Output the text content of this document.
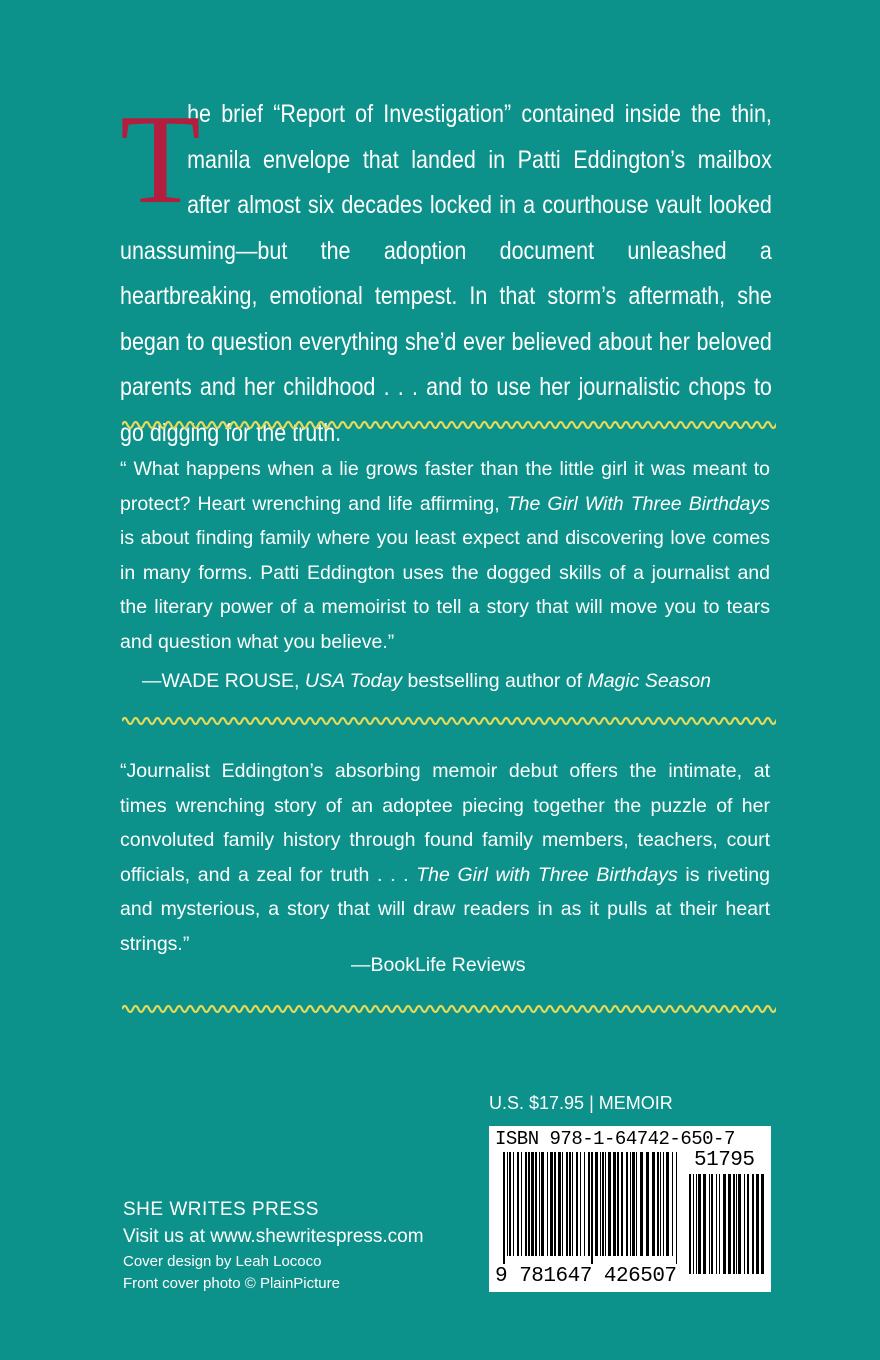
T
he brief “Report of Investigation” contained inside the thin, manila envelope that landed in Patti Eddington’s mailbox after almost six decades locked in a courthouse vault looked unassuming—but the adoption document unleashed a heartbreaking, emotional tempest. In that storm’s aftermath, she began to question everything she’d ever believed about her beloved parents and her childhood . . . and to use her journalistic chops to go digging for the truth.
“ What happens when a lie grows faster than the little girl it was meant to protect? Heart wrenching and life affirming, The Girl With Three Birthdays is about finding family where you least expect and discovering love comes in many forms. Patti Eddington uses the dogged skills of a journalist and the literary power of a memoirist to tell a story that will move you to tears and question what you believe.”
—WADE ROUSE, USA Today bestselling author of Magic Season
“Journalist Eddington’s absorbing memoir debut offers the intimate, at times wrenching story of an adoptee piecing together the puzzle of her convoluted family history through found family members, teachers, court officials, and a zeal for truth . . . The Girl with Three Birthdays is riveting and mysterious, a story that will draw readers in as it pulls at their heart strings.”
—BookLife Reviews
U.S. $17.95 | MEMOIR
ISBN 978-1-64742-650-7
51795
9 781647 426507
SHE WRITES PRESS
Visit us at www.shewritespress.com
Cover design by Leah Lococo
Front cover photo © PlainPicture
